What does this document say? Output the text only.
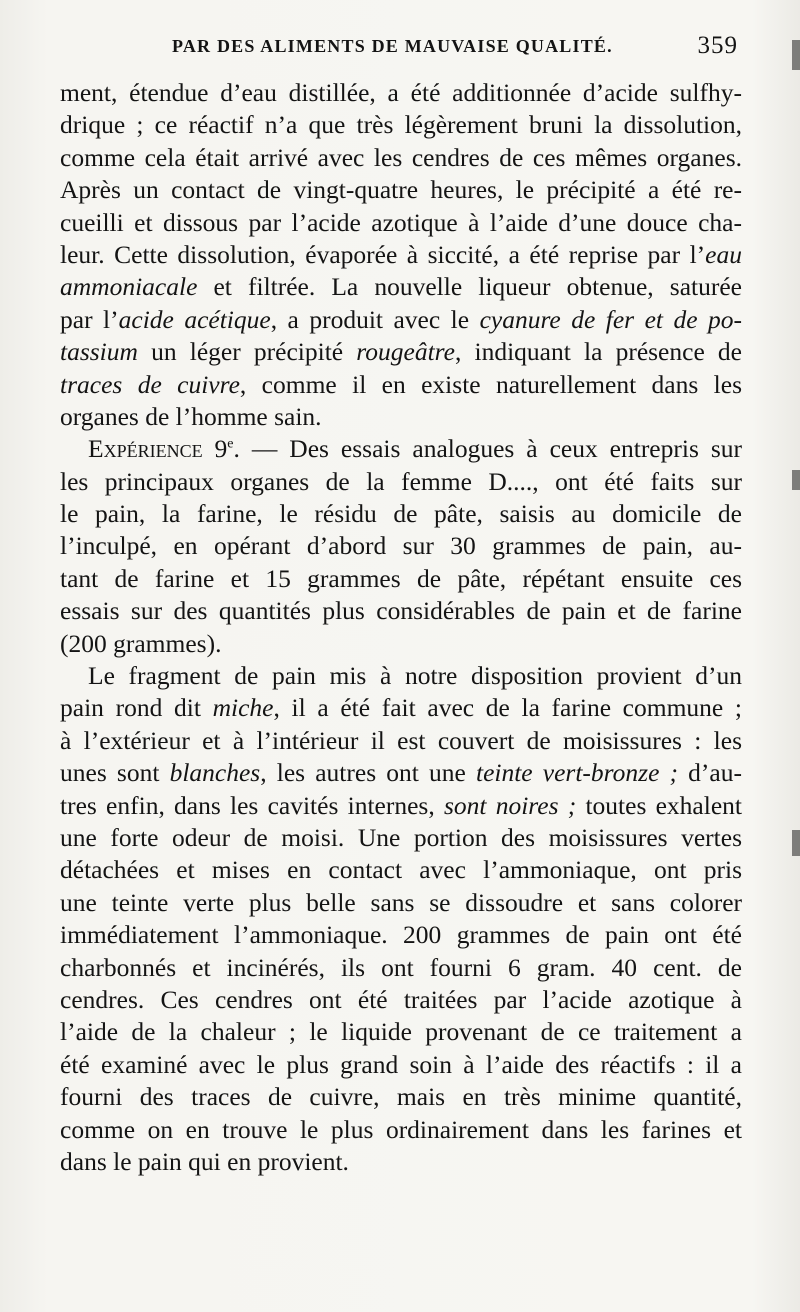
PAR DES ALIMENTS DE MAUVAISE QUALITÉ.	359
ment, étendue d’eau distillée, a été additionnée d’acide sulfhy-
drique ; ce réactif n’a que très légèrement bruni la dissolution,
comme cela était arrivé avec les cendres de ces mêmes organes.
Après un contact de vingt-quatre heures, le précipité a été re-
cueilli et dissous par l’acide azotique à l’aide d’une douce cha-
leur. Cette dissolution, évaporée à siccité, a été reprise par l’eau
ammoniacale et filtrée. La nouvelle liqueur obtenue, saturée
par l’acide acétique, a produit avec le cyanure de fer et de po-
tassium un léger précipité rougeâtre, indiquant la présence de
traces de cuivre, comme il en existe naturellement dans les
organes de l’homme sain.
Expérience 9e. — Des essais analogues à ceux entrepris sur
les principaux organes de la femme D...., ont été faits sur
le pain, la farine, le résidu de pâte, saisis au domicile de
l’inculpé, en opérant d’abord sur 30 grammes de pain, au-
tant de farine et 15 grammes de pâte, répétant ensuite ces
essais sur des quantités plus considérables de pain et de farine
(200 grammes).
Le fragment de pain mis à notre disposition provient d’un
pain rond dit miche, il a été fait avec de la farine commune ;
à l’extérieur et à l’intérieur il est couvert de moisissures : les
unes sont blanches, les autres ont une teinte vert-bronze ; d’au-
tres enfin, dans les cavités internes, sont noires ; toutes exhalent
une forte odeur de moisi. Une portion des moisissures vertes
détachées et mises en contact avec l’ammoniaque, ont pris
une teinte verte plus belle sans se dissoudre et sans colorer
immédiatement l’ammoniaque. 200 grammes de pain ont été
charbonnés et incinérés, ils ont fourni 6 gram. 40 cent. de
cendres. Ces cendres ont été traitées par l’acide azotique à
l’aide de la chaleur ; le liquide provenant de ce traitement a
été examiné avec le plus grand soin à l’aide des réactifs : il a
fourni des traces de cuivre, mais en très minime quantité,
comme on en trouve le plus ordinairement dans les farines et
dans le pain qui en provient.
